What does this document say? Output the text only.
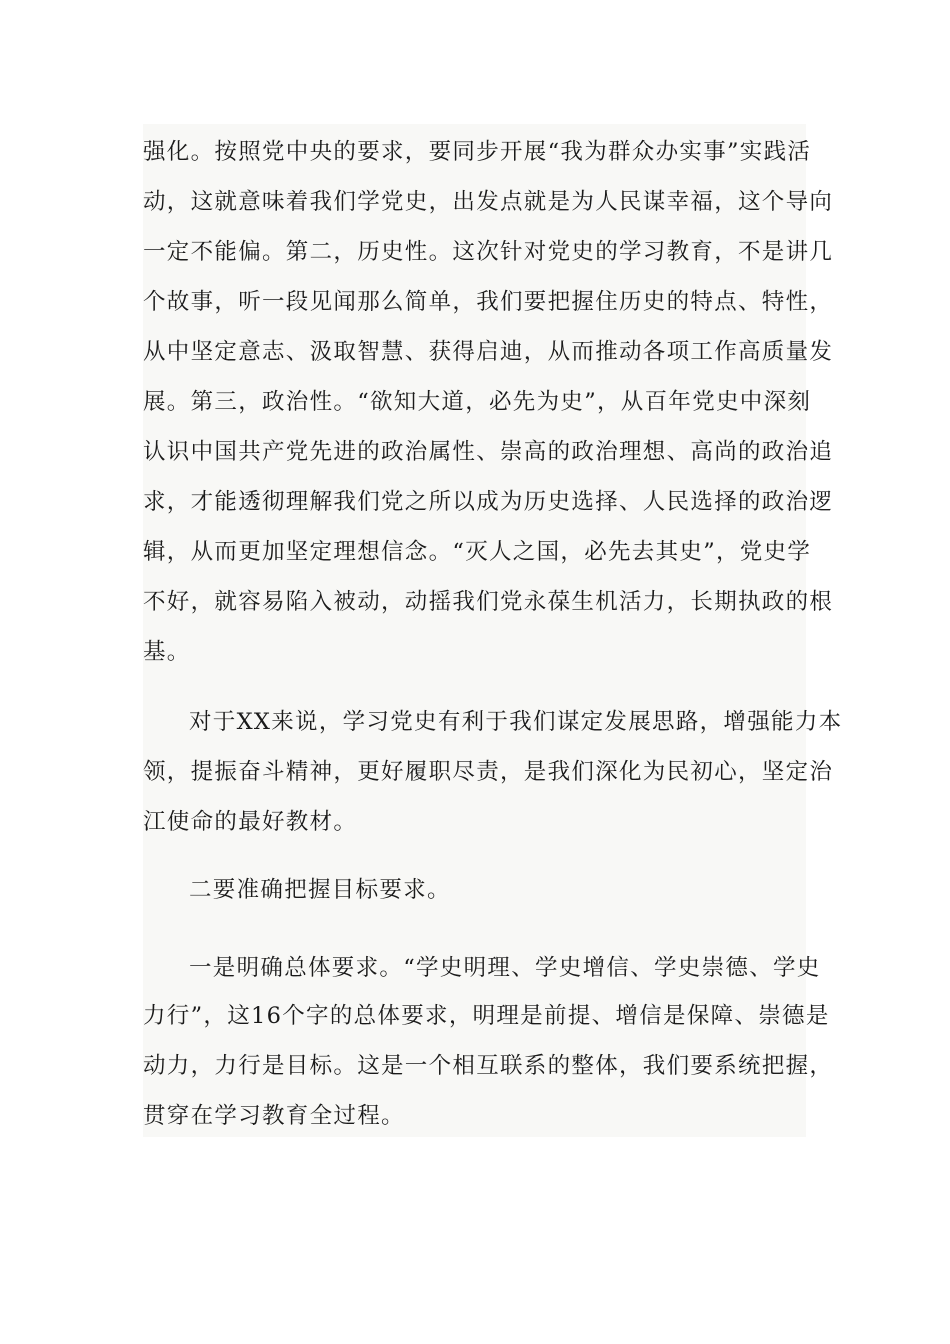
强化。按照党中央的要求，要同步开展“我为群众办实事”实践活
动，这就意味着我们学党史，出发点就是为人民谋幸福，这个导向
一定不能偏。第二，历史性。这次针对党史的学习教育，不是讲几
个故事，听一段见闻那么简单，我们要把握住历史的特点、特性，
从中坚定意志、汲取智慧、获得启迪，从而推动各项工作高质量发
展。第三，政治性。“欲知大道，必先为史”，从百年党史中深刻
认识中国共产党先进的政治属性、崇高的政治理想、高尚的政治追
求，才能透彻理解我们党之所以成为历史选择、人民选择的政治逻
辑，从而更加坚定理想信念。“灭人之国，必先去其史”，党史学
不好，就容易陷入被动，动摇我们党永葆生机活力，长期执政的根
基。
对于XX来说，学习党史有利于我们谋定发展思路，增强能力本
领，提振奋斗精神，更好履职尽责，是我们深化为民初心，坚定治
江使命的最好教材。
二要准确把握目标要求。
一是明确总体要求。“学史明理、学史增信、学史崇德、学史
力行”，这16个字的总体要求，明理是前提、增信是保障、崇德是
动力，力行是目标。这是一个相互联系的整体，我们要系统把握，
贯穿在学习教育全过程。
